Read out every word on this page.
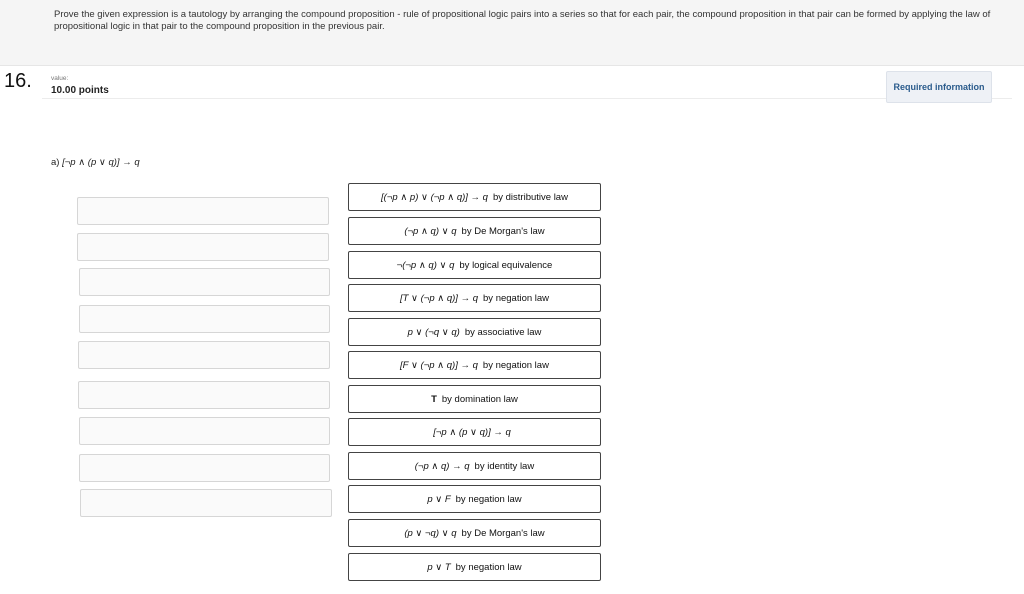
Prove the given expression is a tautology by arranging the compound proposition - rule of propositional logic pairs into a series so that for each pair, the compound proposition in that pair can be formed by applying the law of propositional logic in that pair to the compound proposition in the previous pair.

16.	value:
10.00 points	Required information
a) [¬p ∧ (p ∨ q)] → q
[(¬p ∧ p) ∨ (¬p ∧ q)] → q by distributive law
(¬p ∧ q) ∨ q by De Morgan's law
¬(¬p ∧ q) ∨ q by logical equivalence
[T ∨ (¬p ∧ q)] → q by negation law
p ∨ (¬q ∨ q) by associative law
[F ∨ (¬p ∧ q)] → q by negation law
T by domination law
[¬p ∧ (p ∨ q)] → q
(¬p ∧ q) → q by identity law
p ∨ F by negation law
(p ∨ ¬q) ∨ q by De Morgan's law
p ∨ T by negation law
